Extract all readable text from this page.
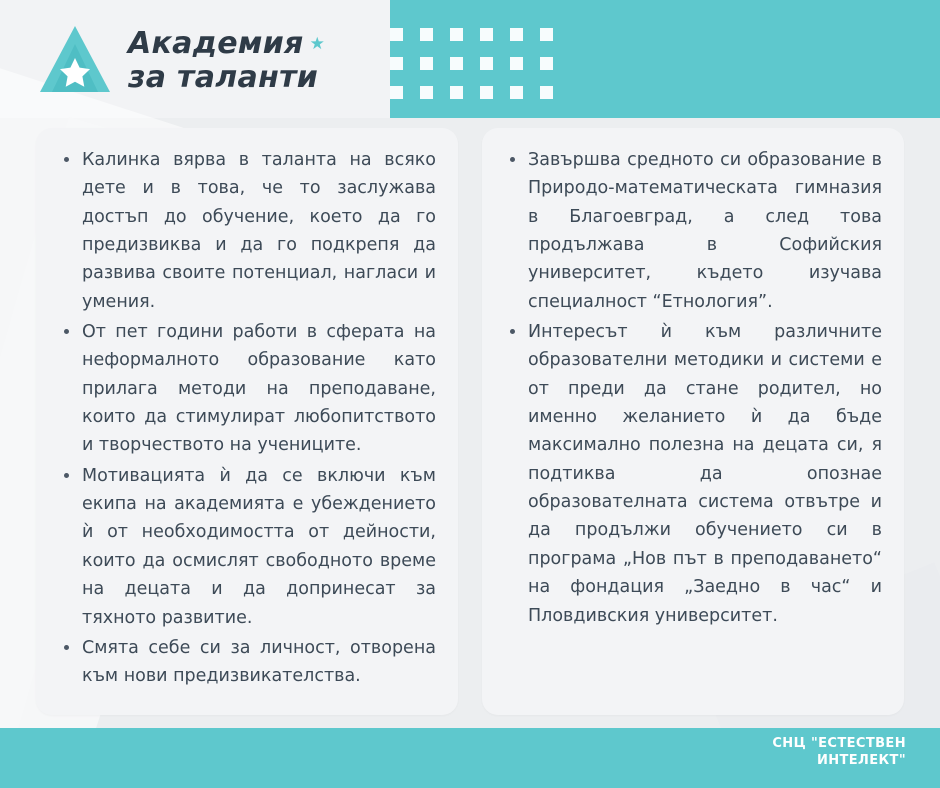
Академия ★
за таланти
Калинка вярва в таланта на всяко дете и в това, че то заслужава достъп до обучение, което да го предизвиква и да го подкрепя да развива своите потенциал, нагласи и умения.
От пет години работи в сферата на неформалното образование като прилага методи на преподаване, които да стимулират любопитството и творчеството на учениците.
Мотивацията ѝ да се включи към екипа на академията е убеждението ѝ от необходимостта от дейности, които да осмислят свободното време на децата и да допринесат за тяхното развитие.
Смята себе си за личност, отворена към нови предизвикателства.
Завършва средното си образование в Природо-математическата гимназия в Благоевград, а след това продължава в Софийския университет, където изучава специалност “Етнология”.
Интересът ѝ към различните образователни методики и системи е от преди да стане родител, но именно желанието ѝ да бъде максимално полезна на децата си, я подтиква да опознае образователната система отвътре и да продължи обучението си в програма „Нов път в преподаването“ на фондация „Заедно в час“ и Пловдивския университет.
СНЦ "ЕСТЕСТВЕН
ИНТЕЛЕКТ"
